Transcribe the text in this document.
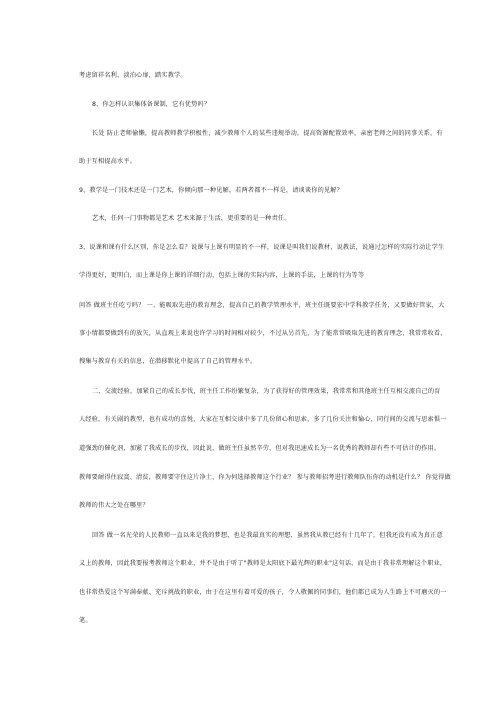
考虑留祥名利、淡泊心扉，踏实教学。
8、你怎样认识集体备课制，它有优势吗？
长处 防止老师偷懒，提高教师教学积极性，减少教师个人的某些违规举动，提高资源配置效率，亲密老师之间的同事关系，有
助于互相提高水平。
9、教学是一门技术还是一门艺术，你倾向那一种见解，若两者都不一样是，请谈谈你的见解？
艺术，任何一门事物都是艺术 艺术来源于生活，更重要的是一种责任。
3、说课和课有什么区别，你是怎么看？说课与上课有明显的不一样，说课是叫我们说教材，说教法，说通过怎样的实际行动让学生
学得更好，更明白，而上课是你上课的详细行动，包括上课的实际内容，上课的手法，上课的行为等等
问答 做班主任吃亏吗？ 一、能吸取先进的教育理念，提高自己的教学管理水平，班主任既要宏中学科教学任务，又要做好管家，大
事小情都要做到有的放矢，从直观上来说也许学习的时间相对较少，不过从另首先，为了能常常吸取先进的教育理念，我常常收看、
搜集与教育有关的信息，在潜移默化中提高了自己的管理水平。
二、交流经验，加紧自己的成长步伐，班主任工作纷繁复杂，为了获得好的管理效果，我常常和其他班主任互相交流自己的育
人经验，有关剧的教型，也有成功的喜悦，大家在互相交谈中多了几份留心和思索，多了几份关注和愉心，同行间的交流与思索惧一
道强劲的催化剂，加紧了我成长的步伐，因此说，做班主任虽然辛劳，但对我迅速成长为一名优秀的教师却有些不可估计的作用。
教师要耐得住寂寞、清贫，教师要守住这片净土，你为何选择教师这个行业？ 参与教师招考进行教师队伍你的动机是什么？ 你觉得做
教师的伟大之处在哪里？
回答 做一名光荣的人民教师一直以来是我的梦想，也是我最真实的理想，虽然我从教已经有十几年了，但我还没有成为真正意
义上的教师，因此我要报考教师这个职业，并不是由于听了"教师是太阳底下最光辉的职业"这句话，而是由于我非常理解这个职业，
也非常热爱这个写满奉献、充斥挑战的职业，由于在这里有着可爱的孩子，令人敬佩的同事们，他们都已成为人生路上不可磨灭的一
笔。
